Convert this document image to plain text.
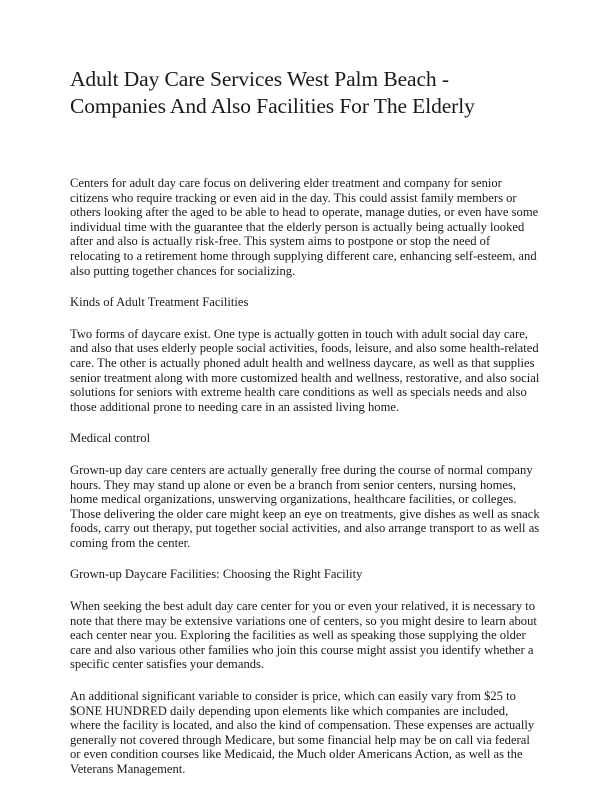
Adult Day Care Services West Palm Beach - Companies And Also Facilities For The Elderly

Centers for adult day care focus on delivering elder treatment and company for senior citizens who require tracking or even aid in the day. This could assist family members or others looking after the aged to be able to head to operate, manage duties, or even have some individual time with the guarantee that the elderly person is actually being actually looked after and also is actually risk-free. This system aims to postpone or stop the need of relocating to a retirement home through supplying different care, enhancing self-esteem, and also putting together chances for socializing.

Kinds of Adult Treatment Facilities

Two forms of daycare exist. One type is actually gotten in touch with adult social day care, and also that uses elderly people social activities, foods, leisure, and also some health-related care. The other is actually phoned adult health and wellness daycare, as well as that supplies senior treatment along with more customized health and wellness, restorative, and also social solutions for seniors with extreme health care conditions as well as specials needs and also those additional prone to needing care in an assisted living home.

Medical control

Grown-up day care centers are actually generally free during the course of normal company hours. They may stand up alone or even be a branch from senior centers, nursing homes, home medical organizations, unswerving organizations, healthcare facilities, or colleges. Those delivering the older care might keep an eye on treatments, give dishes as well as snack foods, carry out therapy, put together social activities, and also arrange transport to as well as coming from the center.

Grown-up Daycare Facilities: Choosing the Right Facility

When seeking the best adult day care center for you or even your relatived, it is necessary to note that there may be extensive variations one of centers, so you might desire to learn about each center near you. Exploring the facilities as well as speaking those supplying the older care and also various other families who join this course might assist you identify whether a specific center satisfies your demands.

An additional significant variable to consider is price, which can easily vary from $25 to $ONE HUNDRED daily depending upon elements like which companies are included, where the facility is located, and also the kind of compensation. These expenses are actually generally not covered through Medicare, but some financial help may be on call via federal or even condition courses like Medicaid, the Much older Americans Action, as well as the Veterans Management.
